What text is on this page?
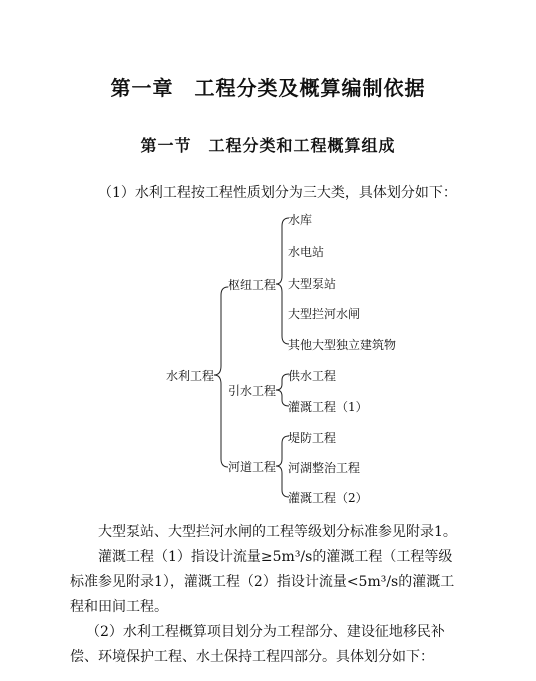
第一章　工程分类及概算编制依据
第一节　工程分类和工程概算组成
（1）水利工程按工程性质划分为三大类，具体划分如下：
水利工程
枢纽工程
引水工程
河道工程
水库
水电站
大型泵站
大型拦河水闸
其他大型独立建筑物
供水工程
灌溉工程（1）
堤防工程
河湖整治工程
灌溉工程（2）
大型泵站、大型拦河水闸的工程等级划分标准参见附录1。
灌溉工程（1）指设计流量≥5m³/s的灌溉工程（工程等级
标准参见附录1），灌溉工程（2）指设计流量<5m³/s的灌溉工
程和田间工程。
（2）水利工程概算项目划分为工程部分、建设征地移民补
偿、环境保护工程、水土保持工程四部分。具体划分如下：
